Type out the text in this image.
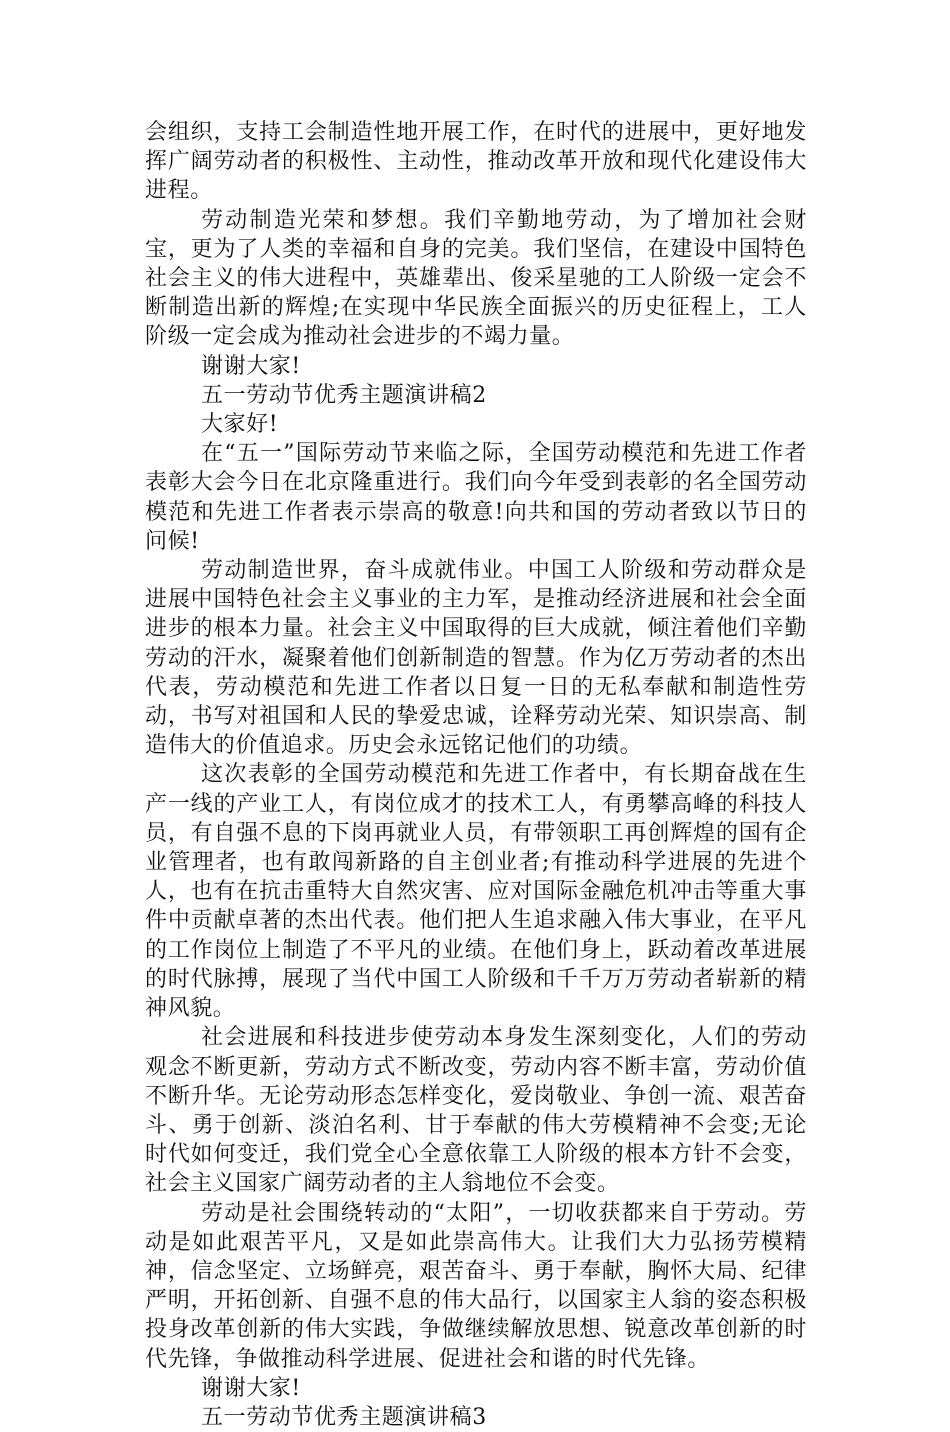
会组织，支持工会制造性地开展工作，在时代的进展中，更好地发挥广阔劳动者的积极性、主动性，推动改革开放和现代化建设伟大进程。

劳动制造光荣和梦想。我们辛勤地劳动，为了增加社会财宝，更为了人类的幸福和自身的完美。我们坚信，在建设中国特色社会主义的伟大进程中，英雄辈出、俊采星驰的工人阶级一定会不断制造出新的辉煌;在实现中华民族全面振兴的历史征程上，工人阶级一定会成为推动社会进步的不竭力量。

谢谢大家!

五一劳动节优秀主题演讲稿2

大家好!

在“五一”国际劳动节来临之际，全国劳动模范和先进工作者表彰大会今日在北京隆重进行。我们向今年受到表彰的名全国劳动模范和先进工作者表示崇高的敬意!向共和国的劳动者致以节日的问候!

劳动制造世界，奋斗成就伟业。中国工人阶级和劳动群众是进展中国特色社会主义事业的主力军，是推动经济进展和社会全面进步的根本力量。社会主义中国取得的巨大成就，倾注着他们辛勤劳动的汗水，凝聚着他们创新制造的智慧。作为亿万劳动者的杰出代表，劳动模范和先进工作者以日复一日的无私奉献和制造性劳动，书写对祖国和人民的挚爱忠诚，诠释劳动光荣、知识崇高、制造伟大的价值追求。历史会永远铭记他们的功绩。

这次表彰的全国劳动模范和先进工作者中，有长期奋战在生产一线的产业工人，有岗位成才的技术工人，有勇攀高峰的科技人员，有自强不息的下岗再就业人员，有带领职工再创辉煌的国有企业管理者，也有敢闯新路的自主创业者;有推动科学进展的先进个人，也有在抗击重特大自然灾害、应对国际金融危机冲击等重大事件中贡献卓著的杰出代表。他们把人生追求融入伟大事业，在平凡的工作岗位上制造了不平凡的业绩。在他们身上，跃动着改革进展的时代脉搏，展现了当代中国工人阶级和千千万万劳动者崭新的精神风貌。

社会进展和科技进步使劳动本身发生深刻变化，人们的劳动观念不断更新，劳动方式不断改变，劳动内容不断丰富，劳动价值不断升华。无论劳动形态怎样变化，爱岗敬业、争创一流、艰苦奋斗、勇于创新、淡泊名利、甘于奉献的伟大劳模精神不会变;无论时代如何变迁，我们党全心全意依靠工人阶级的根本方针不会变，社会主义国家广阔劳动者的主人翁地位不会变。

劳动是社会围绕转动的“太阳”，一切收获都来自于劳动。劳动是如此艰苦平凡，又是如此崇高伟大。让我们大力弘扬劳模精神，信念坚定、立场鲜亮，艰苦奋斗、勇于奉献，胸怀大局、纪律严明，开拓创新、自强不息的伟大品行，以国家主人翁的姿态积极投身改革创新的伟大实践，争做继续解放思想、锐意改革创新的时代先锋，争做推动科学进展、促进社会和谐的时代先锋。

谢谢大家!

五一劳动节优秀主题演讲稿3
